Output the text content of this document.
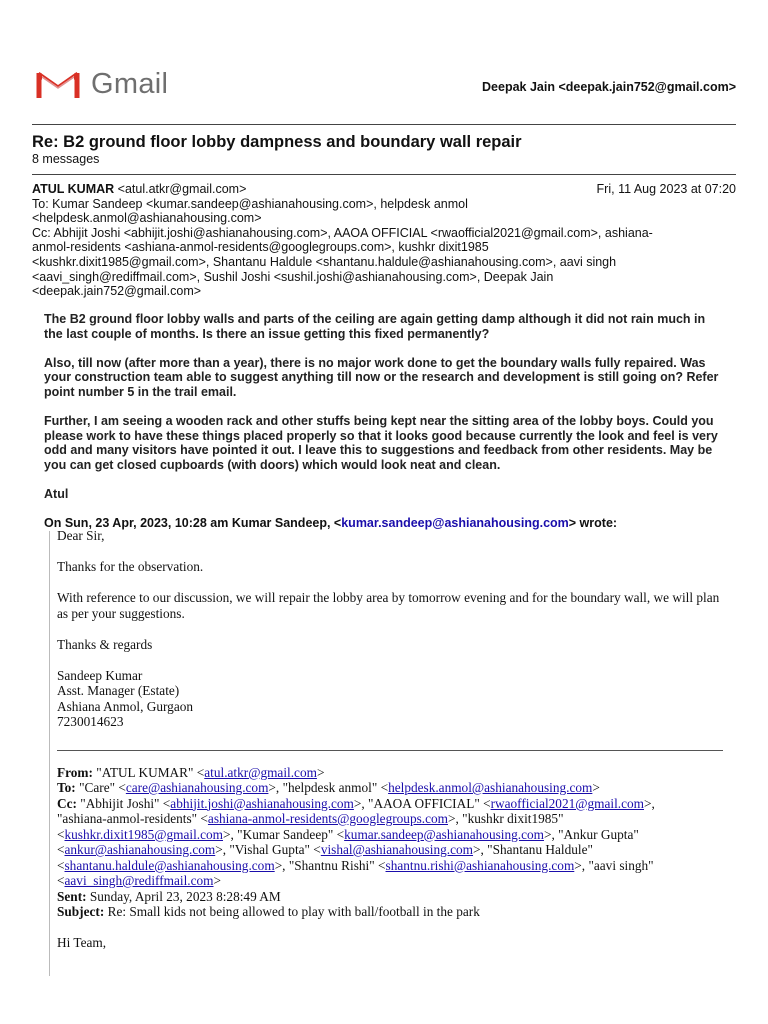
Gmail	Deepak Jain <deepak.jain752@gmail.com>
Re: B2 ground floor lobby dampness and boundary wall repair
8 messages
ATUL KUMAR <atul.atkr@gmail.com>	Fri, 11 Aug 2023 at 07:20
To: Kumar Sandeep <kumar.sandeep@ashianahousing.com>, helpdesk anmol
<helpdesk.anmol@ashianahousing.com>
Cc: Abhijit Joshi <abhijit.joshi@ashianahousing.com>, AAOA OFFICIAL <rwaofficial2021@gmail.com>, ashiana-
anmol-residents <ashiana-anmol-residents@googlegroups.com>, kushkr dixit1985
<kushkr.dixit1985@gmail.com>, Shantanu Haldule <shantanu.haldule@ashianahousing.com>, aavi singh
<aavi_singh@rediffmail.com>, Sushil Joshi <sushil.joshi@ashianahousing.com>, Deepak Jain
<deepak.jain752@gmail.com>

The B2 ground floor lobby walls and parts of the ceiling are again getting damp although it did not rain much in the last couple of months. Is there an issue getting this fixed permanently?

Also, till now (after more than a year), there is no major work done to get the boundary walls fully repaired. Was your construction team able to suggest anything till now or the research and development is still going on? Refer point number 5 in the trail email.

Further, I am seeing a wooden rack and other stuffs being kept near the sitting area of the lobby boys. Could you please work to have these things placed properly so that it looks good because currently the look and feel is very odd and many visitors have pointed it out. I leave this to suggestions and feedback from other residents. May be you can get closed cupboards (with doors) which would look neat and clean.

Atul

On Sun, 23 Apr, 2023, 10:28 am Kumar Sandeep, <kumar.sandeep@ashianahousing.com> wrote:

Dear Sir,

Thanks for the observation.

With reference to our discussion, we will repair the lobby area by tomorrow evening and for the boundary wall, we will plan as per your suggestions.

Thanks & regards

Sandeep Kumar
Asst. Manager (Estate)
Ashiana Anmol, Gurgaon
7230014623
From: "ATUL KUMAR" <atul.atkr@gmail.com>
To: "Care" <care@ashianahousing.com>, "helpdesk anmol" <helpdesk.anmol@ashianahousing.com>
Cc: "Abhijit Joshi" <abhijit.joshi@ashianahousing.com>, "AAOA OFFICIAL" <rwaofficial2021@gmail.com>,
"ashiana-anmol-residents" <ashiana-anmol-residents@googlegroups.com>, "kushkr dixit1985"
<kushkr.dixit1985@gmail.com>, "Kumar Sandeep" <kumar.sandeep@ashianahousing.com>, "Ankur Gupta"
<ankur@ashianahousing.com>, "Vishal Gupta" <vishal@ashianahousing.com>, "Shantanu Haldule"
<shantanu.haldule@ashianahousing.com>, "Shantnu Rishi" <shantnu.rishi@ashianahousing.com>, "aavi singh"
<aavi_singh@rediffmail.com>
Sent: Sunday, April 23, 2023 8:28:49 AM
Subject: Re: Small kids not being allowed to play with ball/football in the park

Hi Team,
